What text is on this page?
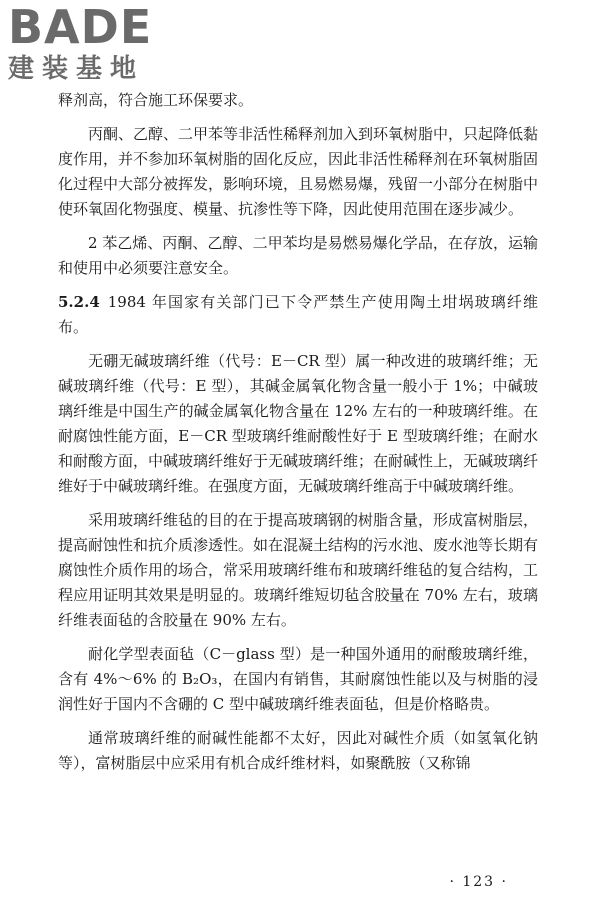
BADE
建装基地

释剂高，符合施工环保要求。

丙酮、乙醇、二甲苯等非活性稀释剂加入到环氧树脂中，只起降低黏度作用，并不参加环氧树脂的固化反应，因此非活性稀释剂在环氧树脂固化过程中大部分被挥发，影响环境，且易燃易爆，残留一小部分在树脂中使环氧固化物强度、模量、抗渗性等下降，因此使用范围在逐步减少。

2 苯乙烯、丙酮、乙醇、二甲苯均是易燃易爆化学品，在存放，运输和使用中必须要注意安全。

5.2.4 1984 年国家有关部门已下令严禁生产使用陶土坩埚玻璃纤维布。

无硼无碱玻璃纤维（代号：E－CR 型）属一种改进的玻璃纤维；无碱玻璃纤维（代号：E 型），其碱金属氧化物含量一般小于 1%；中碱玻璃纤维是中国生产的碱金属氧化物含量在 12% 左右的一种玻璃纤维。在耐腐蚀性能方面，E－CR 型玻璃纤维耐酸性好于 E 型玻璃纤维；在耐水和耐酸方面，中碱玻璃纤维好于无碱玻璃纤维；在耐碱性上，无碱玻璃纤维好于中碱玻璃纤维。在强度方面，无碱玻璃纤维高于中碱玻璃纤维。

采用玻璃纤维毡的目的在于提高玻璃钢的树脂含量，形成富树脂层，提高耐蚀性和抗介质渗透性。如在混凝土结构的污水池、废水池等长期有腐蚀性介质作用的场合，常采用玻璃纤维布和玻璃纤维毡的复合结构，工程应用证明其效果是明显的。玻璃纤维短切毡含胶量在 70% 左右，玻璃纤维表面毡的含胶量在 90% 左右。

耐化学型表面毡（C－glass 型）是一种国外通用的耐酸玻璃纤维，含有 4%～6% 的 B₂O₃，在国内有销售，其耐腐蚀性能以及与树脂的浸润性好于国内不含硼的 C 型中碱玻璃纤维表面毡，但是价格略贵。

通常玻璃纤维的耐碱性能都不太好，因此对碱性介质（如氢氧化钠等），富树脂层中应采用有机合成纤维材料，如聚酰胺（又称锦

· 123 ·
